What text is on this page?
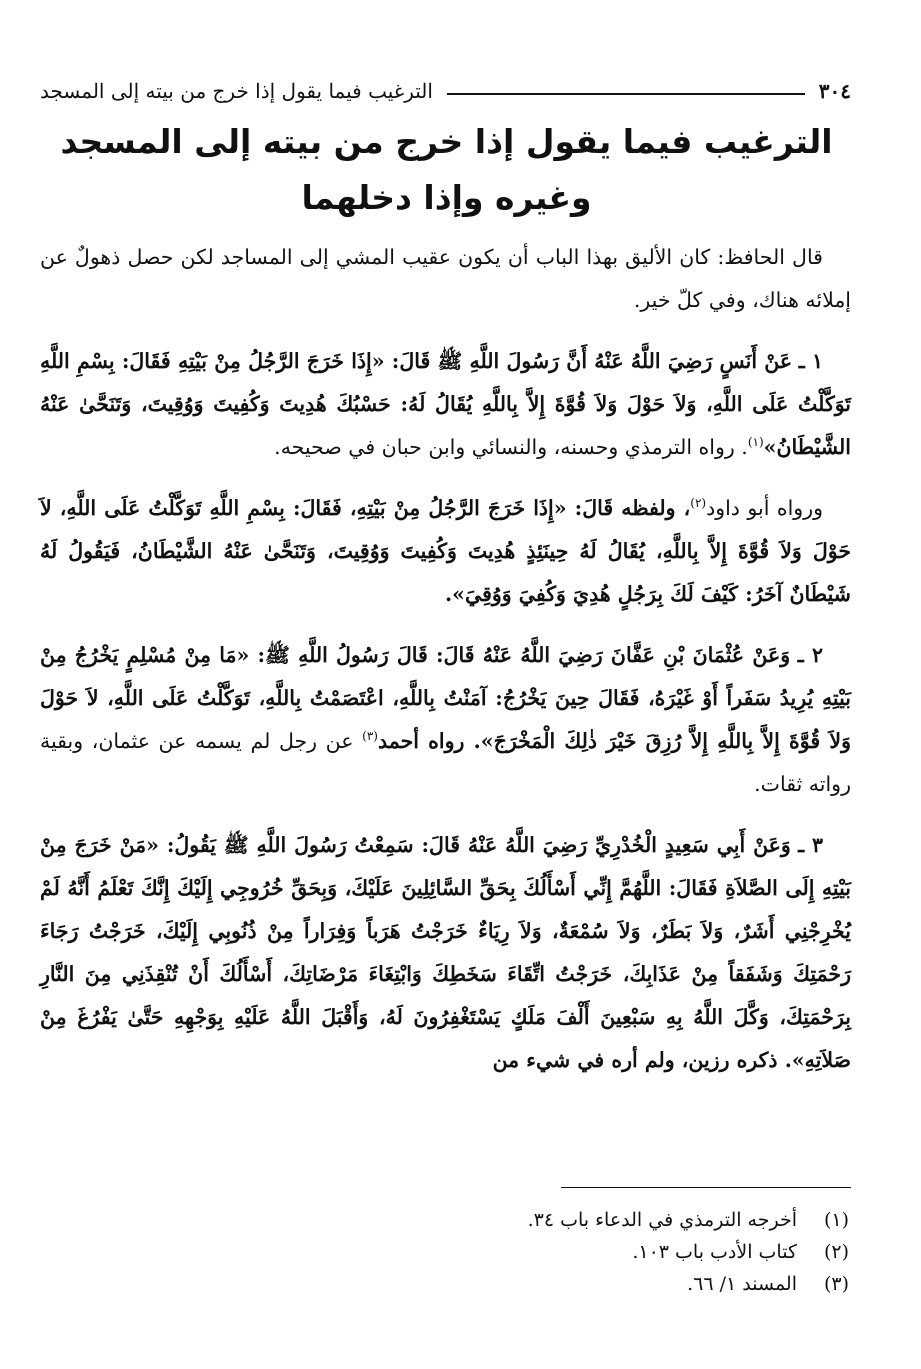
٣٠٤
الترغيب فيما يقول إذا خرج من بيته إلى المسجد
الترغيب فيما يقول إذا خرج من بيته إلى المسجد وغيره وإذا دخلهما

قال الحافظ: كان الأليق بهذا الباب أن يكون عقيب المشي إلى المساجد لكن حصل ذهولٌ عن إملائه هناك، وفي كلّ خير.

١ ـ عَنْ أَنَسٍ رَضِيَ اللَّهُ عَنْهُ أَنَّ رَسُولَ اللَّهِ ﷺ قَالَ: «إِذَا خَرَجَ الرَّجُلُ مِنْ بَيْتِهِ فَقَالَ: بِسْمِ اللَّهِ تَوَكَّلْتُ عَلَى اللَّهِ، وَلاَ حَوْلَ وَلاَ قُوَّةَ إِلاَّ بِاللَّهِ يُقَالُ لَهُ: حَسْبُكَ هُدِيتَ وَكُفِيتَ وَوُقِيتَ، وَتَنَحَّىٰ عَنْهُ الشَّيْطَانُ»$^{(١)}$. رواه الترمذي وحسنه، والنسائي وابن حبان في صحيحه.

ورواه أبو داود$^{(٢)}$، ولفظه قَالَ: «إِذَا خَرَجَ الرَّجُلُ مِنْ بَيْتِهِ، فَقَالَ: بِسْمِ اللَّهِ تَوَكَّلْتُ عَلَى اللَّهِ، لاَ حَوْلَ وَلاَ قُوَّةَ إِلاَّ بِاللَّهِ، يُقَالُ لَهُ حِينَئِذٍ هُدِيتَ وَكُفِيتَ وَوُقِيتَ، وَتَنَحَّىٰ عَنْهُ الشَّيْطَانُ، فَيَقُولُ لَهُ شَيْطَانٌ آخَرُ: كَيْفَ لَكَ بِرَجُلٍ هُدِيَ وَكُفِيَ وَوُقِيَ».

٢ ـ وَعَنْ عُثْمَانَ بْنِ عَفَّانَ رَضِيَ اللَّهُ عَنْهُ قَالَ: قَالَ رَسُولُ اللَّهِ ﷺ: «مَا مِنْ مُسْلِمٍ يَخْرُجُ مِنْ بَيْتِهِ يُرِيدُ سَفَراً أَوْ غَيْرَهُ، فَقَالَ حِينَ يَخْرُجُ: آمَنْتُ بِاللَّهِ، اعْتَصَمْتُ بِاللَّهِ، تَوَكَّلْتُ عَلَى اللَّهِ، لاَ حَوْلَ وَلاَ قُوَّةَ إِلاَّ بِاللَّهِ إِلاَّ رُزِقَ خَيْرَ ذٰلِكَ الْمَخْرَجَ». رواه أحمد$^{(٣)}$ عن رجل لم يسمه عن عثمان، وبقية رواته ثقات.

٣ ـ وَعَنْ أَبِي سَعِيدٍ الْخُدْرِيِّ رَضِيَ اللَّهُ عَنْهُ قَالَ: سَمِعْتُ رَسُولَ اللَّهِ ﷺ يَقُولُ: «مَنْ خَرَجَ مِنْ بَيْتِهِ إِلَى الصَّلاَةِ فَقَالَ: اللَّهُمَّ إِنِّي أَسْأَلُكَ بِحَقِّ السَّائِلِينَ عَلَيْكَ، وَبِحَقِّ خُرُوجِي إِلَيْكَ إِنَّكَ تَعْلَمُ أَنَّهُ لَمْ يُخْرِجْنِي أَشَرٌ، وَلاَ بَطَرٌ، وَلاَ سُمْعَةٌ، وَلاَ رِيَاءٌ خَرَجْتُ هَرَباً وَفِرَاراً مِنْ ذُنُوبِي إِلَيْكَ، خَرَجْتُ رَجَاءَ رَحْمَتِكَ وَشَفَقاً مِنْ عَذَابِكَ، خَرَجْتُ اتِّقَاءَ سَخَطِكَ وَابْتِغَاءَ مَرْضَاتِكَ، أَسْأَلُكَ أَنْ تُنْقِذَنِي مِنَ النَّارِ بِرَحْمَتِكَ، وَكَّلَ اللَّهُ بِهِ سَبْعِينَ أَلْفَ مَلَكٍ يَسْتَغْفِرُونَ لَهُ، وَأَقْبَلَ اللَّهُ عَلَيْهِ بِوَجْهِهِ حَتَّىٰ يَفْرُغَ مِنْ صَلاَتِهِ». ذكره رزين، ولم أره في شيء من

(١)
أخرجه الترمذي في الدعاء باب ٣٤.
(٢)
كتاب الأدب باب ١٠٣.
(٣)
المسند ١/ ٦٦.
